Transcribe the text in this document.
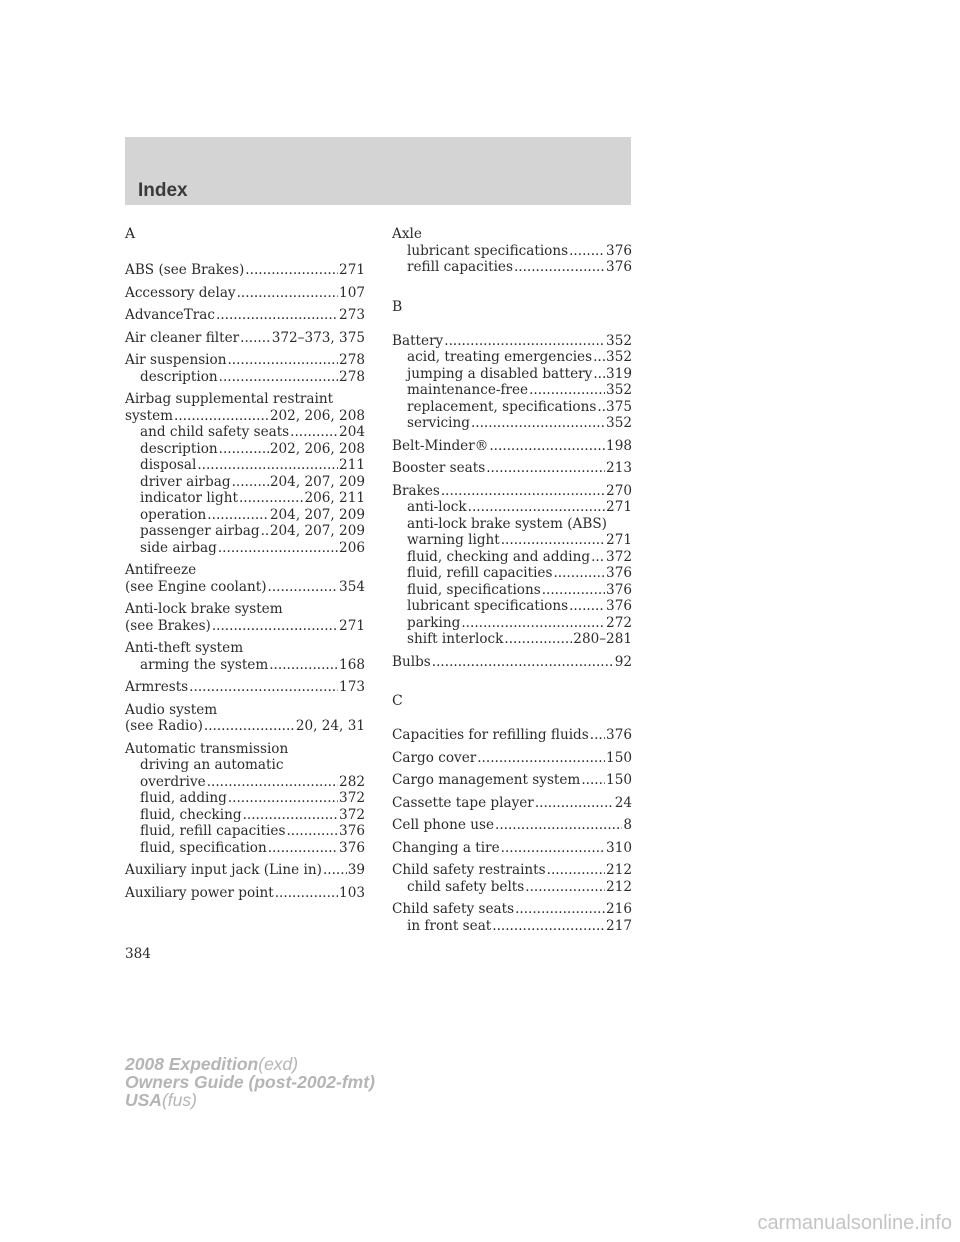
Index
A
ABS (see Brakes) .....	271
Accessory delay .....	107
AdvanceTrac .....	273
Air cleaner filter ..... 372–373, 375
Air suspension .....	278
description .....	278
Airbag supplemental restraint
system .....	202, 206, 208
and child safety seats .....	204
description .....	202, 206, 208
disposal .....	211
driver airbag .....	204, 207, 209
indicator light .....	206, 211
operation .....	204, 207, 209
passenger airbag ..... 204, 207, 209
side airbag .....	206
Antifreeze
(see Engine coolant) .....	354
Anti-lock brake system
(see Brakes) .....	271
Anti-theft system
arming the system .....	168
Armrests .....	173
Audio system
(see Radio) .....	20, 24, 31
Automatic transmission
driving an automatic
overdrive .....	282
fluid, adding .....	372
fluid, checking .....	372
fluid, refill capacities .....	376
fluid, specification .....	376
Auxiliary input jack (Line in) ..... 39
Auxiliary power point .....	103
Axle
lubricant specifications .....	376
refill capacities .....	376
B
Battery .....	352
acid, treating emergencies ..... 352
jumping a disabled battery ..... 319
maintenance-free .....	352
replacement, specifications ..... 375
servicing .....	352
Belt-Minder® .....	198
Booster seats .....	213
Brakes .....	270
anti-lock .....	271
anti-lock brake system (ABS)
warning light .....	271
fluid, checking and adding ..... 372
fluid, refill capacities .....	376
fluid, specifications .....	376
lubricant specifications .....	376
parking .....	272
shift interlock .....	280–281
Bulbs .....	92
C
Capacities for refilling fluids ..... 376
Cargo cover .....	150
Cargo management system ..... 150
Cassette tape player .....	24
Cell phone use .....	8
Changing a tire .....	310
Child safety restraints .....	212
child safety belts .....	212
Child safety seats .....	216
in front seat .....	217
384
2008 Expedition(exd)
Owners Guide (post-2002-fmt)
USA(fus)
carmanualsonline.info
